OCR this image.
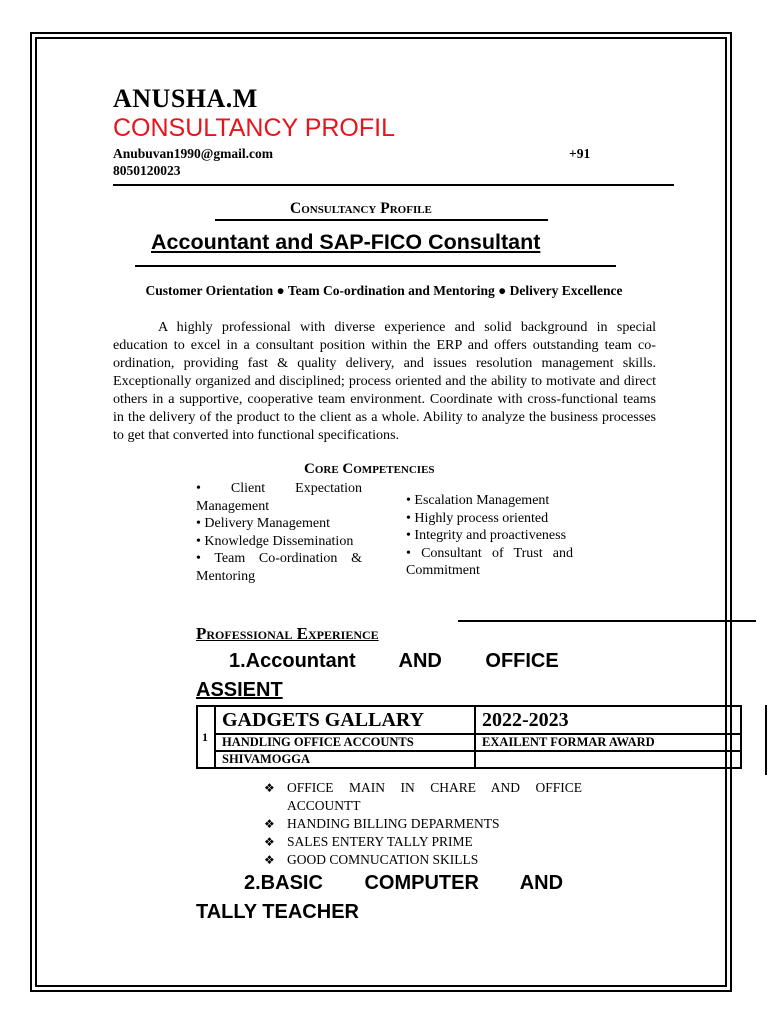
ANUSHA.M
CONSULTANCY PROFIL
Anubuvan1990@gmail.com	+91
8050120023
Consultancy Profile
Accountant and SAP-FICO Consultant
Customer Orientation ● Team Co-ordination and Mentoring ● Delivery Excellence

A highly professional with diverse experience and solid background in special education to excel in a consultant position within the ERP and offers outstanding team co-ordination, providing fast & quality delivery, and issues resolution management skills. Exceptionally organized and disciplined; process oriented and the ability to motivate and direct others in a supportive, cooperative team environment. Coordinate with cross-functional teams in the delivery of the product to the client as a whole. Ability to analyze the business processes to get that converted into functional specifications.

Core Competencies
• Client Expectation Management
• Delivery Management
• Knowledge Dissemination
• Team Co-ordination & Mentoring
• Escalation Management
• Highly process oriented
• Integrity and proactiveness
• Consultant of Trust and Commitment
Professional Experience
1.Accountant AND OFFICE
ASSIENT
1	GADGETS GALLARY	2022-2023
	HANDLING OFFICE ACCOUNTS	EXAILENT FORMAR AWARD
	SHIVAMOGGA	
❖ OFFICE MAIN IN CHARE AND OFFICE ACCOUNTT
❖ HANDING BILLING DEPARMENTS
❖ SALES ENTERY TALLY PRIME
❖ GOOD COMNUCATION SKILLS
2.BASIC COMPUTER AND
TALLY TEACHER
